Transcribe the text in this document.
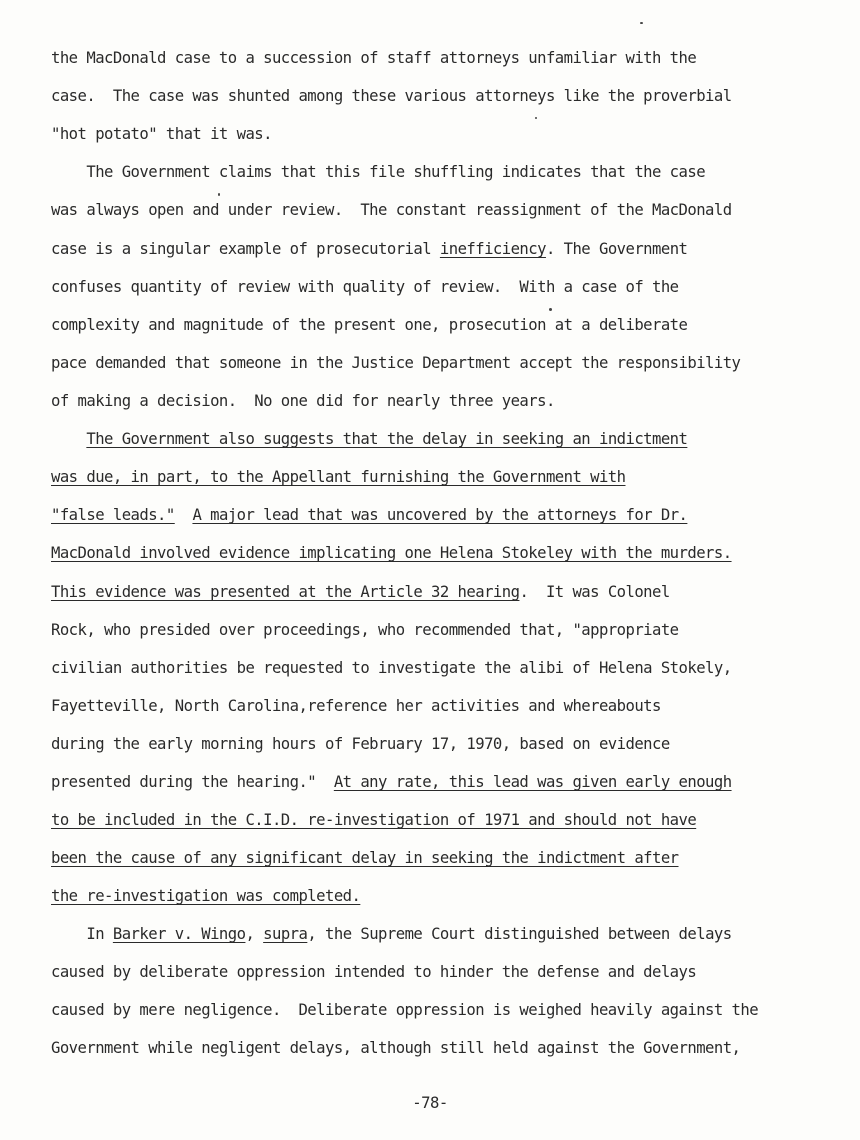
the MacDonald case to a succession of staff attorneys unfamiliar with the
case.  The case was shunted among these various attorneys like the proverbial
"hot potato" that it was.
The Government claims that this file shuffling indicates that the case
was always open and under review.  The constant reassignment of the MacDonald
case is a singular example of prosecutorial inefficiency. The Government
confuses quantity of review with quality of review.  With a case of the
complexity and magnitude of the present one, prosecution at a deliberate
pace demanded that someone in the Justice Department accept the responsibility
of making a decision.  No one did for nearly three years.
The Government also suggests that the delay in seeking an indictment
was due, in part, to the Appellant furnishing the Government with
"false leads." A major lead that was uncovered by the attorneys for Dr.
MacDonald involved evidence implicating one Helena Stokeley with the murders.
This evidence was presented at the Article 32 hearing.  It was Colonel
Rock, who presided over proceedings, who recommended that, "appropriate
civilian authorities be requested to investigate the alibi of Helena Stokely,
Fayetteville, North Carolina,reference her activities and whereabouts
during the early morning hours of February 17, 1970, based on evidence
presented during the hearing."  At any rate, this lead was given early enough
to be included in the C.I.D. re-investigation of 1971 and should not have
been the cause of any significant delay in seeking the indictment after
the re-investigation was completed.
In Barker v. Wingo, supra, the Supreme Court distinguished between delays
caused by deliberate oppression intended to hinder the defense and delays
caused by mere negligence.  Deliberate oppression is weighed heavily against the
Government while negligent delays, although still held against the Government,
-78-
